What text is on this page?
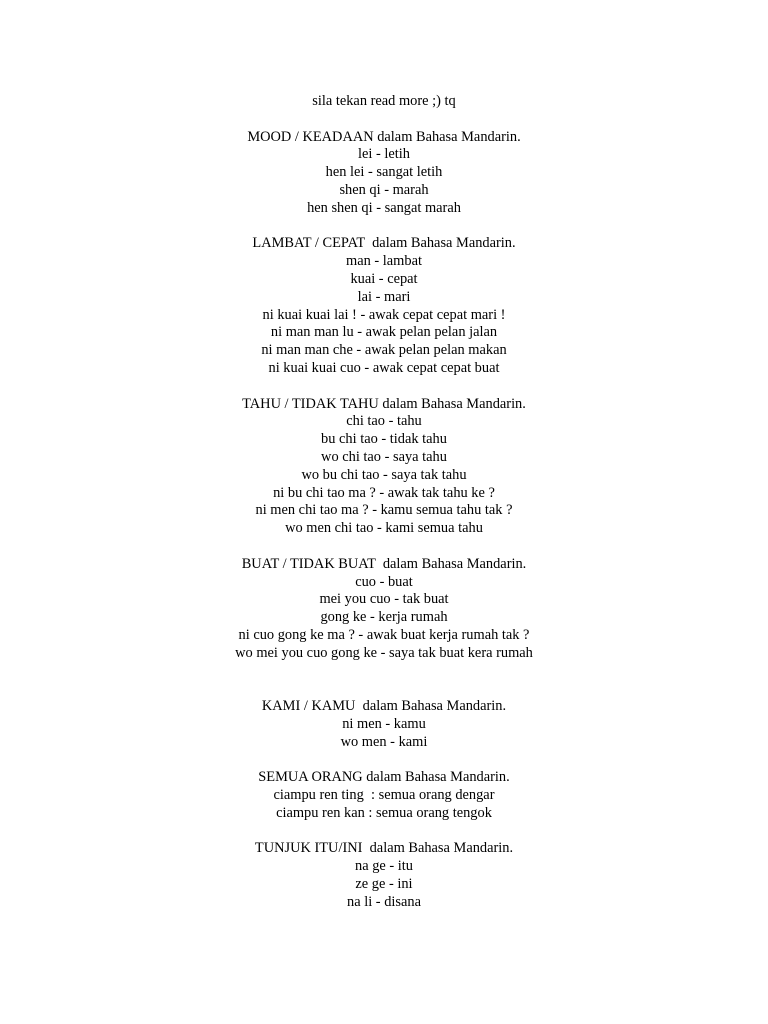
sila tekan read more ;) tq
MOOD / KEADAAN dalam Bahasa Mandarin.
lei - letih
hen lei - sangat letih
shen qi - marah
hen shen qi - sangat marah
LAMBAT / CEPAT  dalam Bahasa Mandarin.
man - lambat
kuai - cepat
lai - mari
ni kuai kuai lai ! - awak cepat cepat mari !
ni man man lu - awak pelan pelan jalan
ni man man che - awak pelan pelan makan
ni kuai kuai cuo - awak cepat cepat buat
TAHU / TIDAK TAHU dalam Bahasa Mandarin.
chi tao - tahu
bu chi tao - tidak tahu
wo chi tao - saya tahu
wo bu chi tao - saya tak tahu
ni bu chi tao ma ? - awak tak tahu ke ?
ni men chi tao ma ? - kamu semua tahu tak ?
wo men chi tao - kami semua tahu
BUAT / TIDAK BUAT  dalam Bahasa Mandarin.
cuo - buat
mei you cuo - tak buat
gong ke - kerja rumah
ni cuo gong ke ma ? - awak buat kerja rumah tak ?
wo mei you cuo gong ke - saya tak buat kera rumah
KAMI / KAMU  dalam Bahasa Mandarin.
ni men - kamu
wo men - kami
SEMUA ORANG dalam Bahasa Mandarin.
ciampu ren ting  : semua orang dengar
ciampu ren kan : semua orang tengok
TUNJUK ITU/INI  dalam Bahasa Mandarin.
na ge - itu
ze ge - ini
na li - disana
